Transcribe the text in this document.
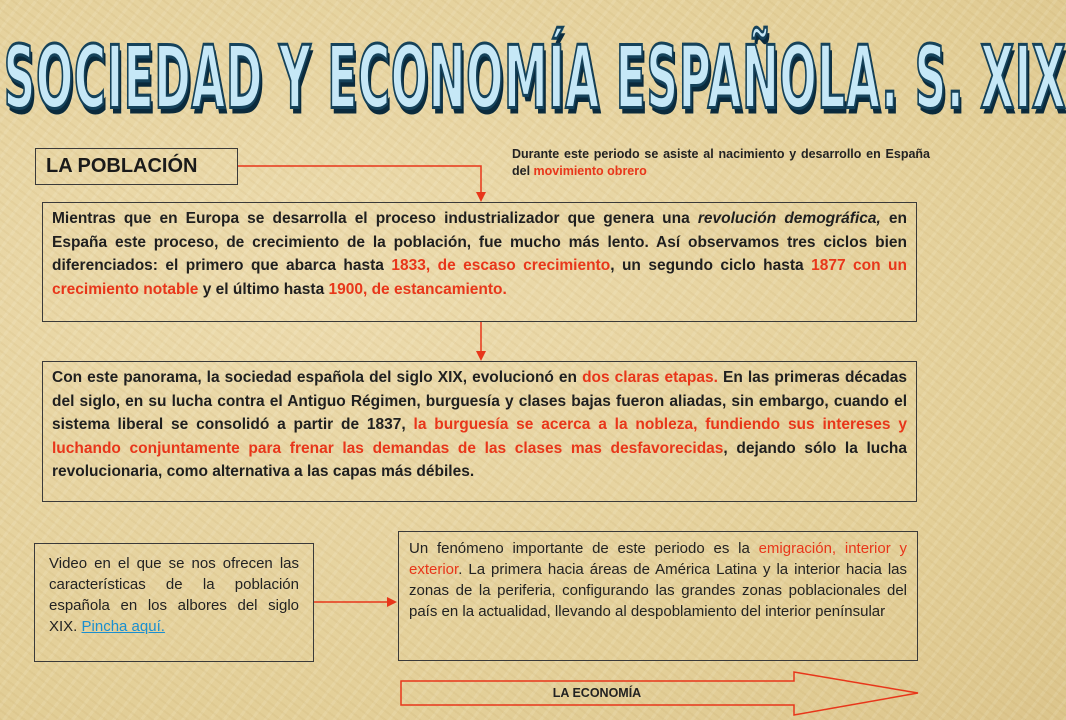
SOCIEDAD Y ECONOMÍA ESPAÑOLA. S. XIX
LA POBLACIÓN
Durante este periodo se asiste al nacimiento y desarrollo en España del movimiento obrero
Mientras que en Europa se desarrolla el proceso industrializador que genera una revolución demográfica, en España este proceso, de crecimiento de la población, fue mucho más lento. Así observamos tres ciclos bien diferenciados: el primero que abarca hasta 1833, de escaso crecimiento, un segundo ciclo hasta 1877 con un crecimiento notable y el último hasta 1900, de estancamiento.
Con este panorama, la sociedad española del siglo XIX, evolucionó en dos claras etapas. En las primeras décadas del siglo, en su lucha contra el Antiguo Régimen, burguesía y clases bajas fueron aliadas, sin embargo, cuando el sistema liberal se consolidó a partir de 1837, la burguesía se acerca a la nobleza, fundiendo sus intereses y luchando conjuntamente para frenar las demandas de las clases mas desfavorecidas, dejando sólo la lucha revolucionaria, como alternativa a las capas más débiles.
Video en el que se nos ofrecen las características de la población española en los albores del siglo XIX. Pincha aquí.
Un fenómeno importante de este periodo es la emigración, interior y exterior. La primera hacia áreas de América Latina y la interior hacia las zonas de la periferia, configurando las grandes zonas poblacionales del país en la actualidad, llevando al despoblamiento del interior penínsular
LA ECONOMÍA
